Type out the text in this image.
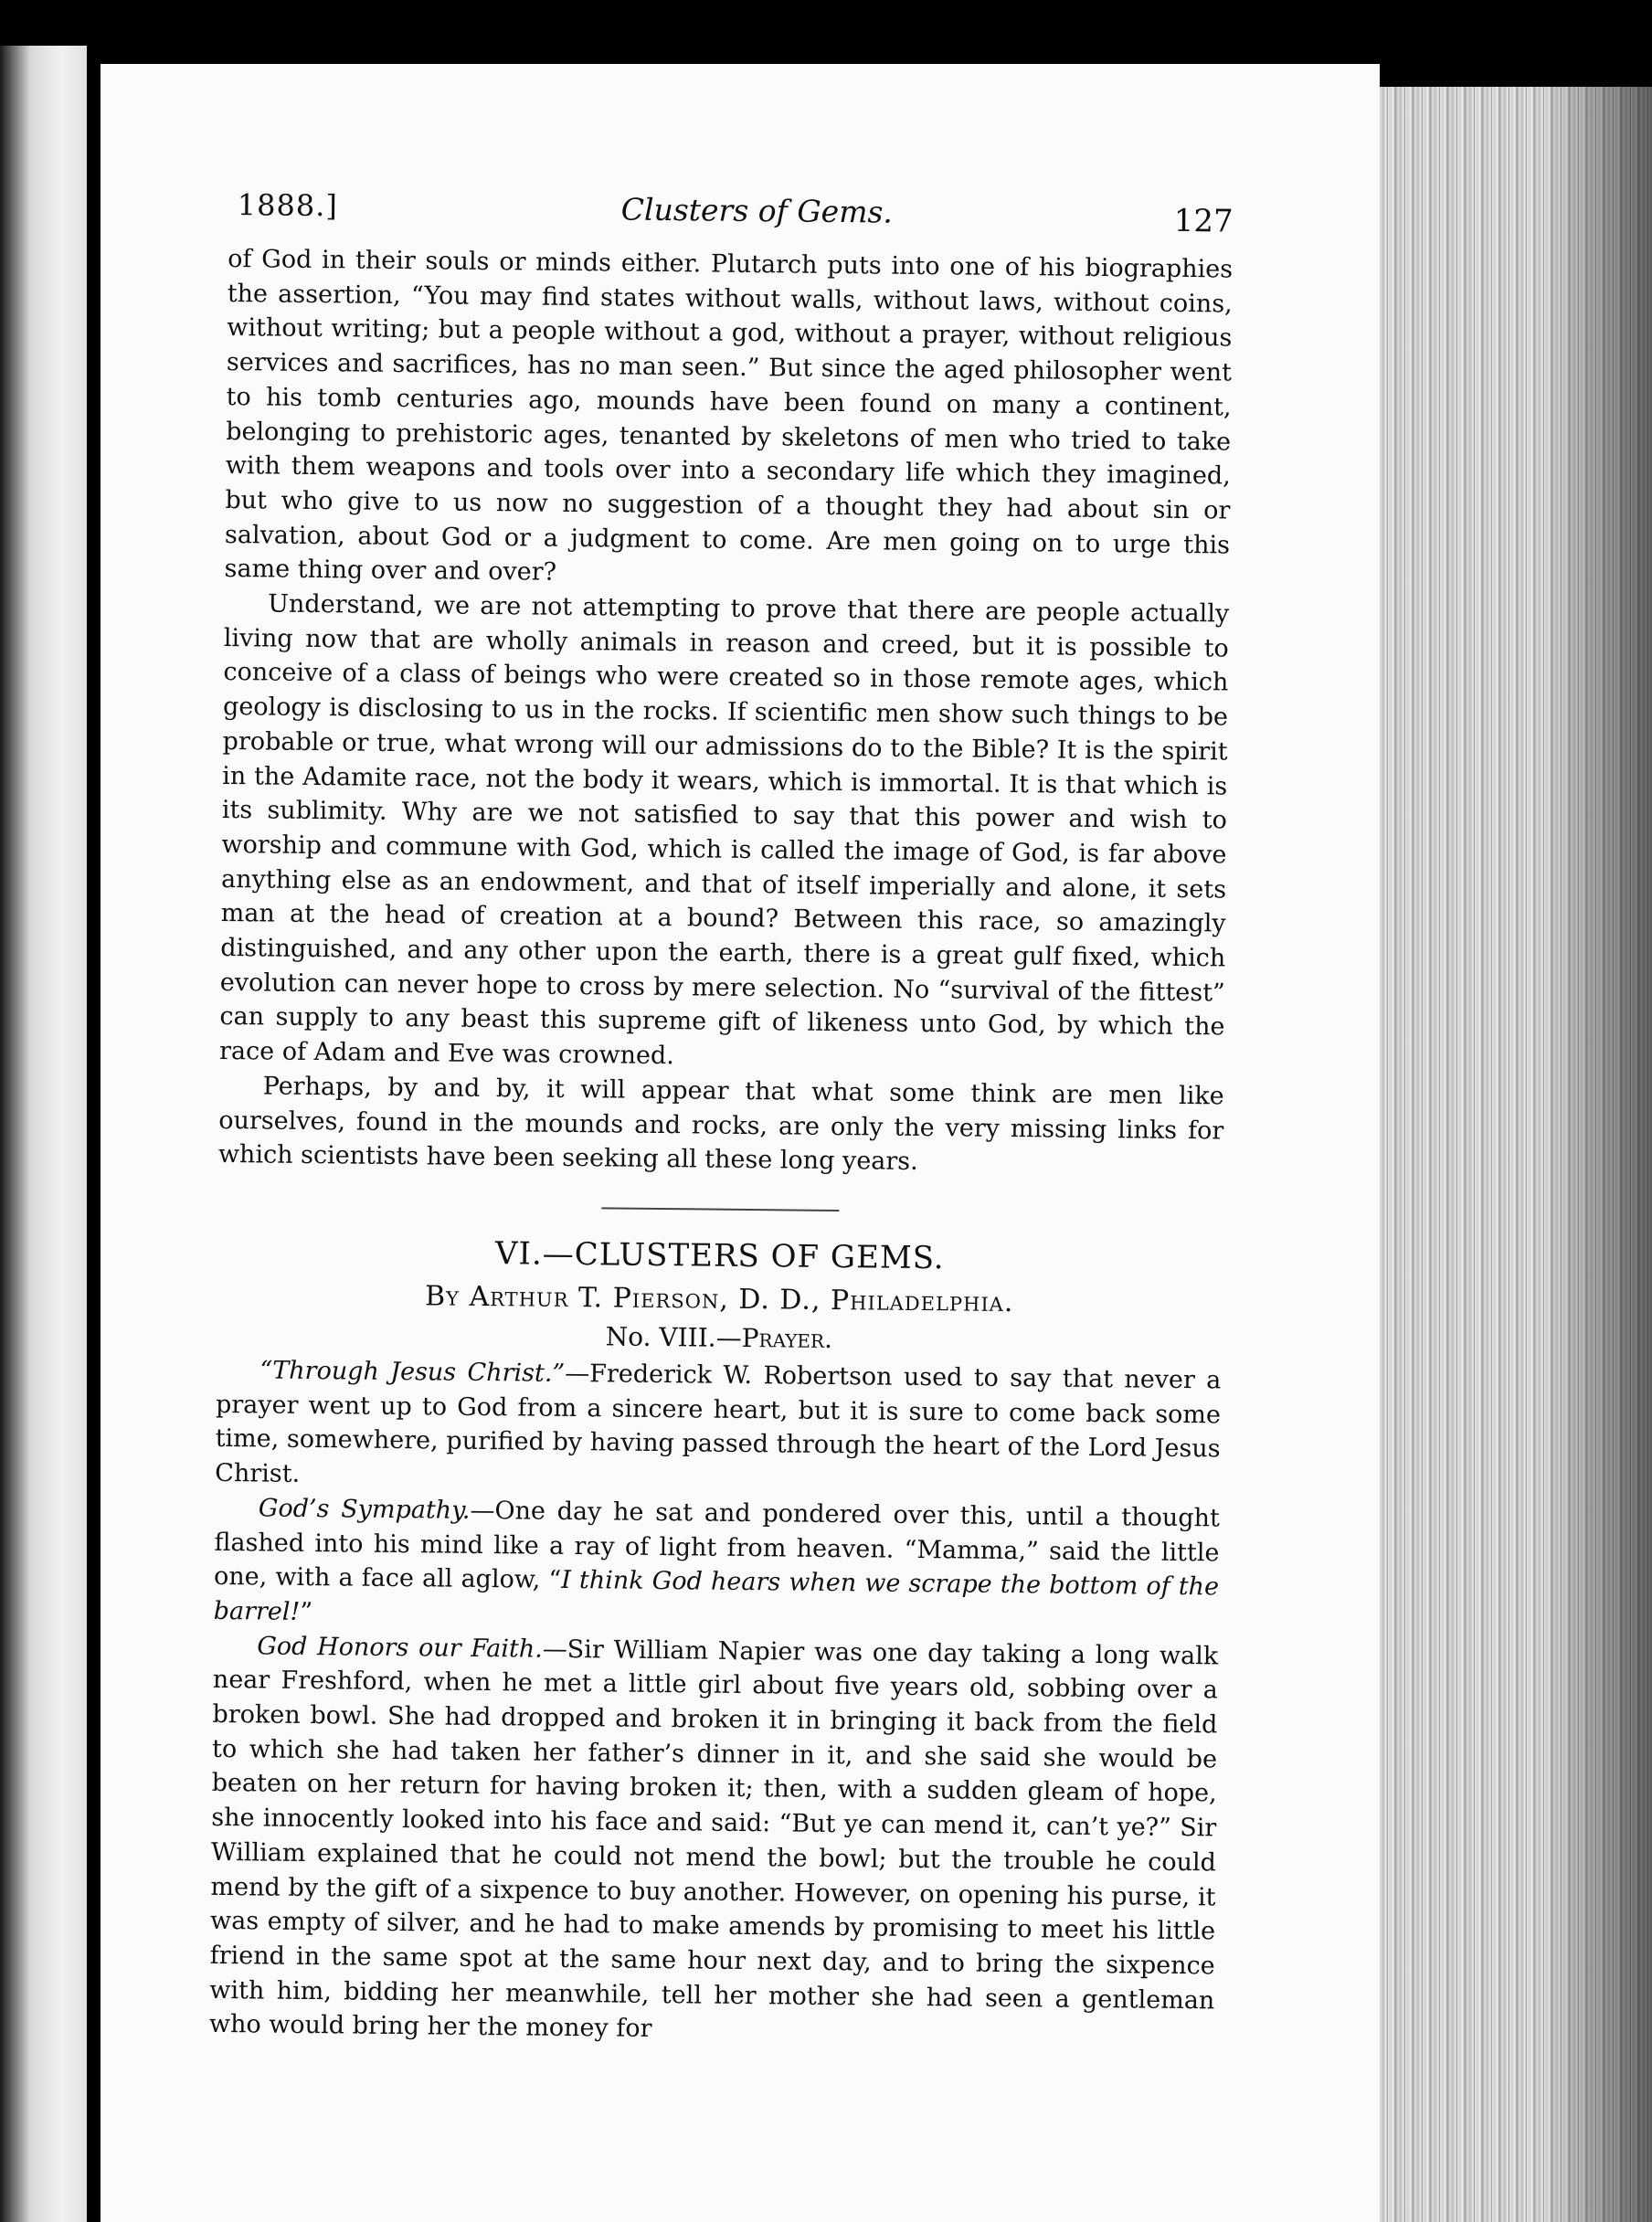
1888.]	Clusters of Gems.	127

of God in their souls or minds either. Plutarch puts into one of his biographies the assertion, “You may find states without walls, without laws, without coins, without writing; but a people without a god, without a prayer, without religious services and sacrifices, has no man seen.” But since the aged philosopher went to his tomb centuries ago, mounds have been found on many a continent, belonging to prehistoric ages, tenanted by skeletons of men who tried to take with them weapons and tools over into a secondary life which they imagined, but who give to us now no suggestion of a thought they had about sin or salvation, about God or a judgment to come. Are men going on to urge this same thing over and over?

Understand, we are not attempting to prove that there are people actually living now that are wholly animals in reason and creed, but it is possible to conceive of a class of beings who were created so in those remote ages, which geology is disclosing to us in the rocks. If scientific men show such things to be probable or true, what wrong will our admissions do to the Bible? It is the spirit in the Adamite race, not the body it wears, which is immortal. It is that which is its sublimity. Why are we not satisfied to say that this power and wish to worship and commune with God, which is called the image of God, is far above anything else as an endowment, and that of itself imperially and alone, it sets man at the head of creation at a bound? Between this race, so amazingly distinguished, and any other upon the earth, there is a great gulf fixed, which evolution can never hope to cross by mere selection. No “survival of the fittest” can supply to any beast this supreme gift of likeness unto God, by which the race of Adam and Eve was crowned.

Perhaps, by and by, it will appear that what some think are men like ourselves, found in the mounds and rocks, are only the very missing links for which scientists have been seeking all these long years.

VI.—CLUSTERS OF GEMS.
By Arthur T. Pierson, D. D., Philadelphia.
No. VIII.—Prayer.

“Through Jesus Christ.”—Frederick W. Robertson used to say that never a prayer went up to God from a sincere heart, but it is sure to come back some time, somewhere, purified by having passed through the heart of the Lord Jesus Christ.

God’s Sympathy.—One day he sat and pondered over this, until a thought flashed into his mind like a ray of light from heaven. “Mamma,” said the little one, with a face all aglow, “I think God hears when we scrape the bottom of the barrel!”

God Honors our Faith.—Sir William Napier was one day taking a long walk near Freshford, when he met a little girl about five years old, sobbing over a broken bowl. She had dropped and broken it in bringing it back from the field to which she had taken her father’s dinner in it, and she said she would be beaten on her return for having broken it; then, with a sudden gleam of hope, she innocently looked into his face and said: “But ye can mend it, can’t ye?” Sir William explained that he could not mend the bowl; but the trouble he could mend by the gift of a sixpence to buy another. However, on opening his purse, it was empty of silver, and he had to make amends by promising to meet his little friend in the same spot at the same hour next day, and to bring the sixpence with him, bidding her meanwhile, tell her mother she had seen a gentleman who would bring her the money for
